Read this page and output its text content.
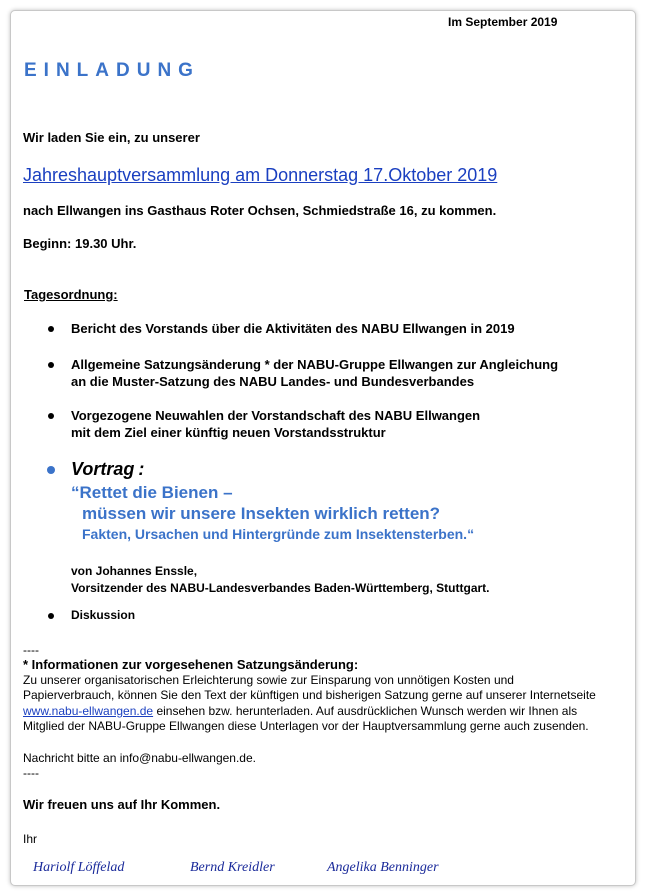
Im September 2019
EINLADUNG
Wir laden Sie ein, zu unserer
Jahreshauptversammlung am Donnerstag 17.Oktober 2019
nach Ellwangen ins Gasthaus Roter Ochsen, Schmiedstraße 16, zu kommen.
Beginn: 19.30 Uhr.
Tagesordnung:
Bericht des Vorstands über die Aktivitäten des NABU Ellwangen in 2019
Allgemeine Satzungsänderung * der NABU-Gruppe Ellwangen zur Angleichung
an die Muster-Satzung des NABU Landes- und Bundesverbandes
Vorgezogene Neuwahlen der Vorstandschaft des NABU Ellwangen
mit dem Ziel einer künftig neuen Vorstandsstruktur
Vortrag :
“Rettet die Bienen –
müssen wir unsere Insekten wirklich retten?
Fakten, Ursachen und Hintergründe zum Insektensterben.“
von Johannes Enssle,
Vorsitzender des NABU-Landesverbandes Baden-Württemberg, Stuttgart.
Diskussion
----
* Informationen zur vorgesehenen Satzungsänderung:
Zu unserer organisatorischen Erleichterung sowie zur Einsparung von unnötigen Kosten und Papierverbrauch, können Sie den Text der künftigen und bisherigen Satzung gerne auf unserer Internetseite www.nabu-ellwangen.de einsehen bzw. herunterladen. Auf ausdrücklichen Wunsch werden wir Ihnen als Mitglied der NABU-Gruppe Ellwangen diese Unterlagen vor der Hauptversammlung gerne auch zusenden.
Nachricht bitte an info@nabu-ellwangen.de.
----
Wir freuen uns auf Ihr Kommen.
Ihr
Hariolf Löffelad	Bernd Kreidler	Angelika Benninger
